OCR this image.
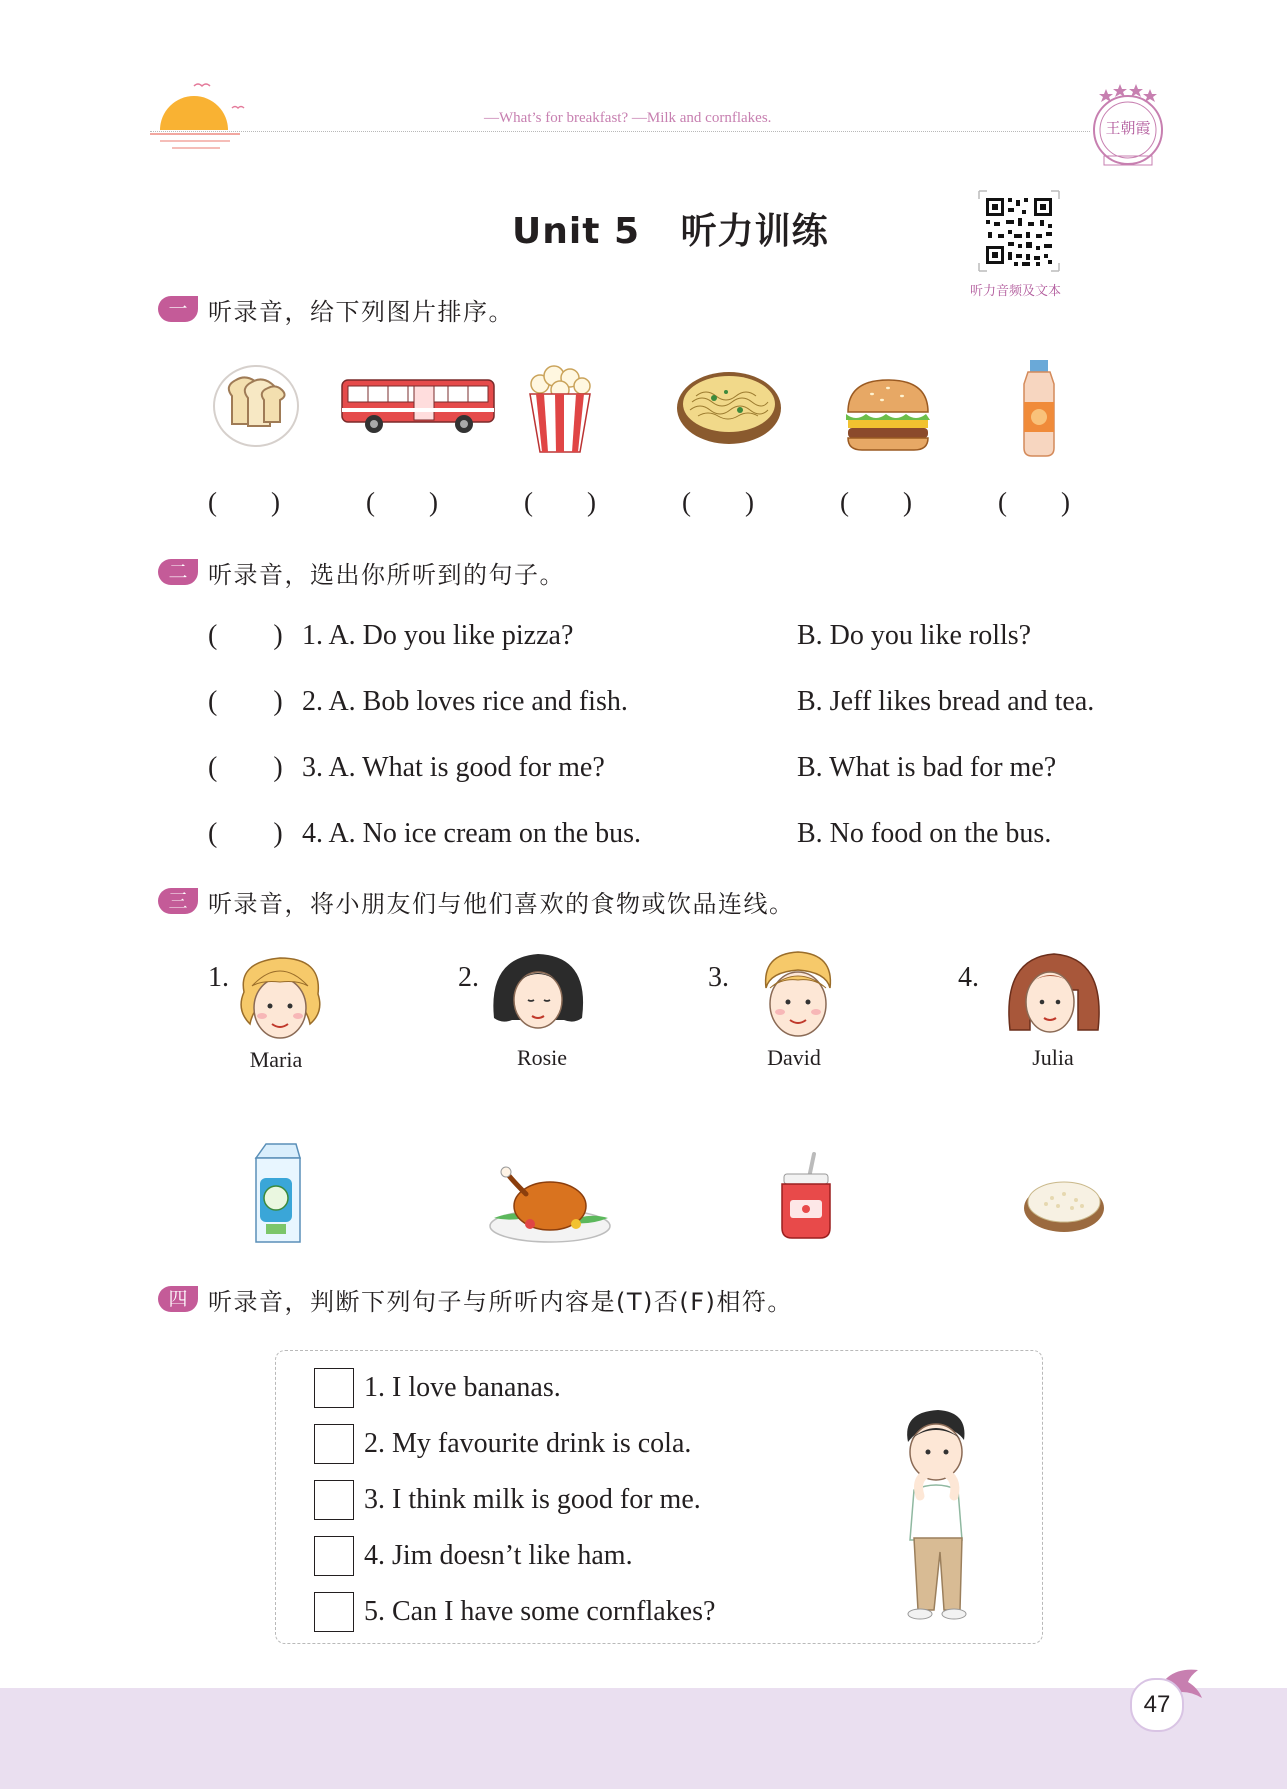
—What’s for breakfast? —Milk and cornflakes.
王朝霞
Unit 5   听力训练
听力音频及文本
一 听录音，给下列图片排序。
(        )	(        )	(        )	(        )	(        )	(        )
二 听录音，选出你所听到的句子。
(        ) 1. A. Do you like pizza?	B. Do you like rolls?
(        ) 2. A. Bob loves rice and fish.	B. Jeff likes bread and tea.
(        ) 3. A. What is good for me?	B. What is bad for me?
(        ) 4. A. No ice cream on the bus.	B. No food on the bus.
三 听录音，将小朋友们与他们喜欢的食物或饮品连线。
1.
Maria
2.
Rosie
3.
David
4.
Julia
四 听录音，判断下列句子与所听内容是(T)否(F)相符。
1. I love bananas.
2. My favourite drink is cola.
3. I think milk is good for me.
4. Jim doesn’t like ham.
5. Can I have some cornflakes?
47
